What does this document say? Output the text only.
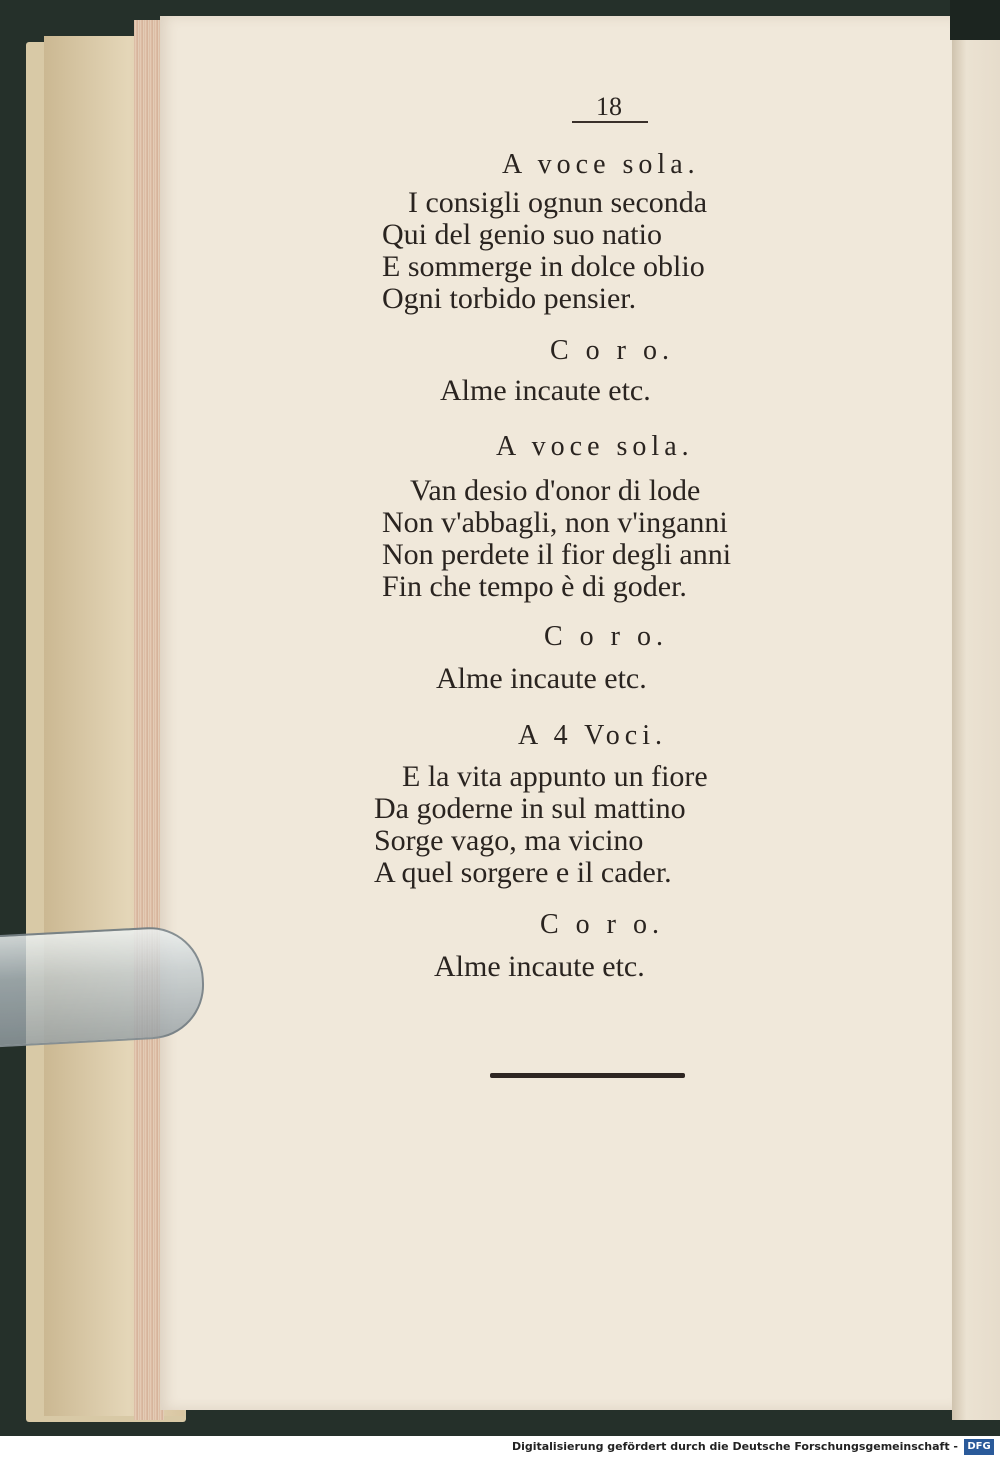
18
A voce sola.
I consigli ognun seconda
Qui del genio suo natio
E sommerge in dolce oblio
Ogni torbido pensier.
C o r o.
Alme incaute etc.
A voce sola.
Van desio d'onor di lode
Non v'abbagli, non v'inganni
Non perdete il fior degli anni
Fin che tempo è di goder.
C o r o.
Alme incaute etc.
A 4 Voci.
E la vita appunto un fiore
Da goderne in sul mattino
Sorge vago, ma vicino
A quel sorgere e il cader.
C o r o.
Alme incaute etc.
Digitalisierung gefördert durch die Deutsche Forschungsgemeinschaft - DFG
